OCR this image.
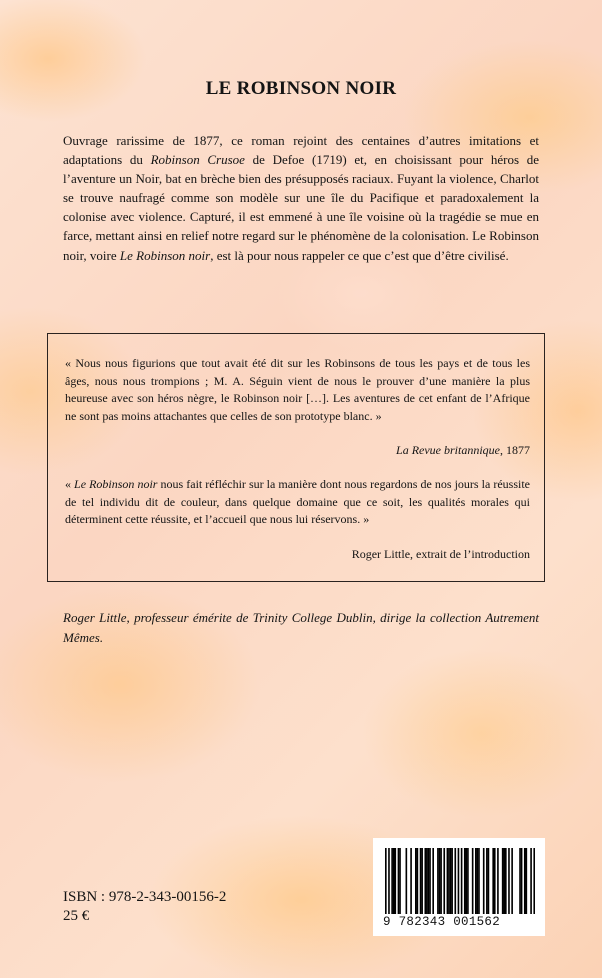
LE ROBINSON NOIR

Ouvrage rarissime de 1877, ce roman rejoint des centaines d’autres imitations et adaptations du Robinson Crusoe de Defoe (1719) et, en choisissant pour héros de l’aventure un Noir, bat en brèche bien des présupposés raciaux. Fuyant la violence, Charlot se trouve naufragé comme son modèle sur une île du Pacifique et paradoxalement la colonise avec violence. Capturé, il est emmené à une île voisine où la tragédie se mue en farce, mettant ainsi en relief notre regard sur le phénomène de la colonisation. Le Robinson noir, voire Le Robinson noir, est là pour nous rappeler ce que c’est que d’être civilisé.

« Nous nous figurions que tout avait été dit sur les Robinsons de tous les pays et de tous les âges, nous nous trompions ; M. A. Séguin vient de nous le prouver d’une manière la plus heureuse avec son héros nègre, le Robinson noir […]. Les aventures de cet enfant de l’Afrique ne sont pas moins attachantes que celles de son prototype blanc. »

La Revue britannique, 1877

« Le Robinson noir nous fait réfléchir sur la manière dont nous regardons de nos jours la réussite de tel individu dit de couleur, dans quelque domaine que ce soit, les qualités morales qui déterminent cette réussite, et l’accueil que nous lui réservons. »

Roger Little, extrait de l’introduction

Roger Little, professeur émérite de Trinity College Dublin, dirige la collection Autrement Mêmes.

ISBN : 978-2-343-00156-2
25 €	9 782343 001562
